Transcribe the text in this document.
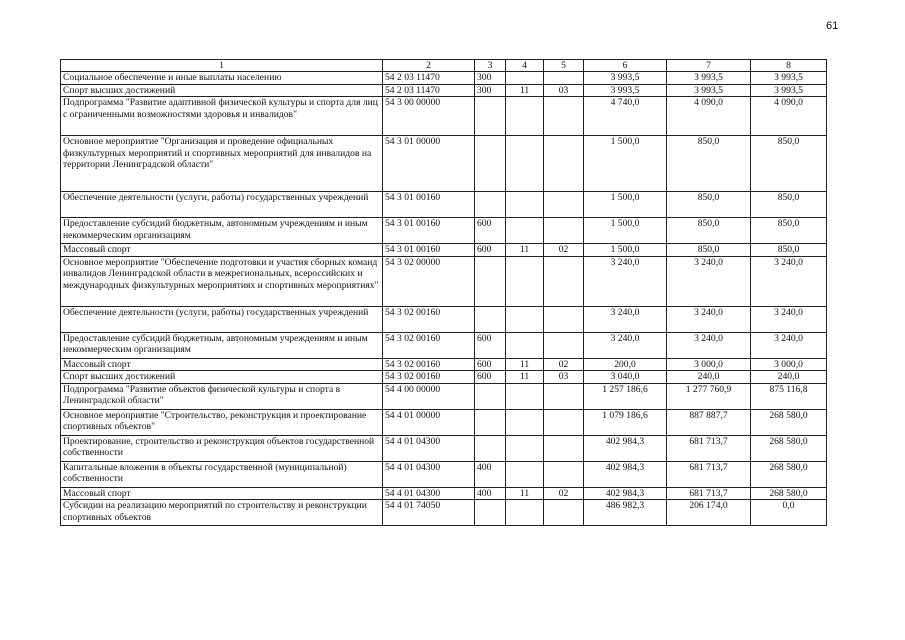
61
1	2	3	4	5	6	7	8
Социальное обеспечение и иные выплаты населению	54 2 03 11470	300			3 993,5	3 993,5	3 993,5
Спорт высших достижений	54 2 03 11470	300	11	03	3 993,5	3 993,5	3 993,5
Подпрограмма "Развитие адаптивной физической культуры и спорта для лиц с ограниченными возможностями здоровья и инвалидов"	54 3 00 00000				4 740,0	4 090,0	4 090,0
Основное мероприятие "Организация и проведение официальных физкультурных мероприятий и спортивных мероприятий для инвалидов на территории Ленинградской области"	54 3 01 00000				1 500,0	850,0	850,0
Обеспечение деятельности (услуги, работы) государственных учреждений	54 3 01 00160				1 500,0	850,0	850,0
Предоставление субсидий бюджетным, автономным учреждениям и иным некоммерческим организациям	54 3 01 00160	600			1 500,0	850,0	850,0
Массовый спорт	54 3 01 00160	600	11	02	1 500,0	850,0	850,0
Основное мероприятие "Обеспечение подготовки и участия сборных команд инвалидов Ленинградской области в межрегиональных, всероссийских и международных физкультурных мероприятиях и спортивных мероприятиях"	54 3 02 00000				3 240,0	3 240,0	3 240,0
Обеспечение деятельности (услуги, работы) государственных учреждений	54 3 02 00160				3 240,0	3 240,0	3 240,0
Предоставление субсидий бюджетным, автономным учреждениям и иным некоммерческим организациям	54 3 02 00160	600			3 240,0	3 240,0	3 240,0
Массовый спорт	54 3 02 00160	600	11	02	200,0	3 000,0	3 000,0
Спорт высших достижений	54 3 02 00160	600	11	03	3 040,0	240,0	240,0
Подпрограмма "Развитие объектов физической культуры и спорта в Ленинградской области"	54 4 00 00000				1 257 186,6	1 277 760,9	875 116,8
Основное мероприятие "Строительство, реконструкция и проектирование спортивных объектов"	54 4 01 00000				1 079 186,6	887 887,7	268 580,0
Проектирование, строительство и реконструкция объектов государственной собственности	54 4 01 04300				402 984,3	681 713,7	268 580,0
Капитальные вложения в объекты государственной (муниципальной) собственности	54 4 01 04300	400			402 984,3	681 713,7	268 580,0
Массовый спорт	54 4 01 04300	400	11	02	402 984,3	681 713,7	268 580,0
Субсидии на реализацию мероприятий по строительству и реконструкции спортивных объектов	54 4 01 74050				486 982,3	206 174,0	0,0
